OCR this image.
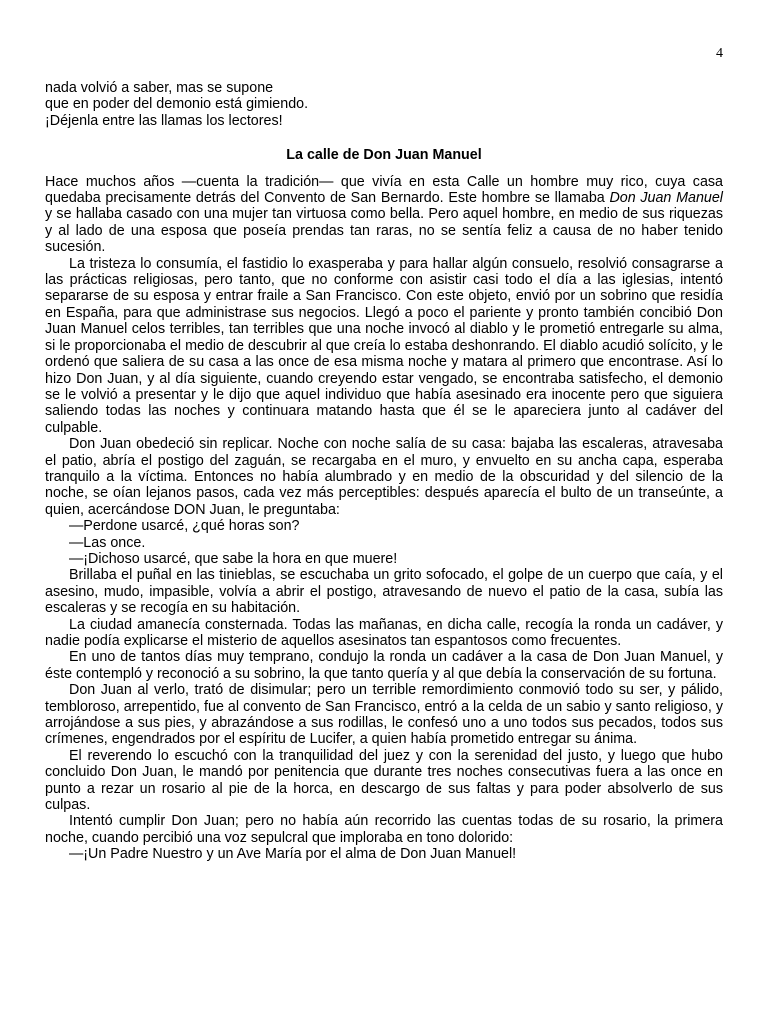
4
nada volvió a saber, mas se supone
que en poder del demonio está gimiendo.
¡Déjenla entre las llamas los lectores!
La calle de Don Juan Manuel

Hace muchos años —cuenta la tradición— que vivía en esta Calle un hombre muy rico, cuya casa quedaba precisamente detrás del Convento de San Bernardo. Este hombre se llamaba Don Juan Manuel y se hallaba casado con una mujer tan virtuosa como bella. Pero aquel hombre, en medio de sus riquezas y al lado de una esposa que poseía prendas tan raras, no se sentía feliz a causa de no haber tenido sucesión.

La tristeza lo consumía, el fastidio lo exasperaba y para hallar algún consuelo, resolvió consagrarse a las prácticas religiosas, pero tanto, que no conforme con asistir casi todo el día a las iglesias, intentó separarse de su esposa y entrar fraile a San Francisco. Con este objeto, envió por un sobrino que residía en España, para que administrase sus negocios. Llegó a poco el pariente y pronto también concibió Don Juan Manuel celos terribles, tan terribles que una noche invocó al diablo y le prometió entregarle su alma, si le proporcionaba el medio de descubrir al que creía lo estaba deshonrando. El diablo acudió solícito, y le ordenó que saliera de su casa a las once de esa misma noche y matara al primero que encontrase. Así lo hizo Don Juan, y al día siguiente, cuando creyendo estar vengado, se encontraba satisfecho, el demonio se le volvió a presentar y le dijo que aquel individuo que había asesinado era inocente pero que siguiera saliendo todas las noches y continuara matando hasta que él se le apareciera junto al cadáver del culpable.

Don Juan obedeció sin replicar. Noche con noche salía de su casa: bajaba las escaleras, atravesaba el patio, abría el postigo del zaguán, se recargaba en el muro, y envuelto en su ancha capa, esperaba tranquilo a la víctima. Entonces no había alumbrado y en medio de la obscuridad y del silencio de la noche, se oían lejanos pasos, cada vez más perceptibles: después aparecía el bulto de un transeúnte, a quien, acercándose DON Juan, le preguntaba:

—Perdone usarcé, ¿qué horas son?

—Las once.

—¡Dichoso usarcé, que sabe la hora en que muere!

Brillaba el puñal en las tinieblas, se escuchaba un grito sofocado, el golpe de un cuerpo que caía, y el asesino, mudo, impasible, volvía a abrir el postigo, atravesando de nuevo el patio de la casa, subía las escaleras y se recogía en su habitación.

La ciudad amanecía consternada. Todas las mañanas, en dicha calle, recogía la ronda un cadáver, y nadie podía explicarse el misterio de aquellos asesinatos tan espantosos como frecuentes.

En uno de tantos días muy temprano, condujo la ronda un cadáver a la casa de Don Juan Manuel, y éste contempló y reconoció a su sobrino, la que tanto quería y al que debía la conservación de su fortuna.

Don Juan al verlo, trató de disimular; pero un terrible remordimiento conmovió todo su ser, y pálido, tembloroso, arrepentido, fue al convento de San Francisco, entró a la celda de un sabio y santo religioso, y arrojándose a sus pies, y abrazándose a sus rodillas, le confesó uno a uno todos sus pecados, todos sus crímenes, engendrados por el espíritu de Lucifer, a quien había prometido entregar su ánima.

El reverendo lo escuchó con la tranquilidad del juez y con la serenidad del justo, y luego que hubo concluido Don Juan, le mandó por penitencia que durante tres noches consecutivas fuera a las once en punto a rezar un rosario al pie de la horca, en descargo de sus faltas y para poder absolverlo de sus culpas.

Intentó cumplir Don Juan; pero no había aún recorrido las cuentas todas de su rosario, la primera noche, cuando percibió una voz sepulcral que imploraba en tono dolorido:

—¡Un Padre Nuestro y un Ave María por el alma de Don Juan Manuel!
